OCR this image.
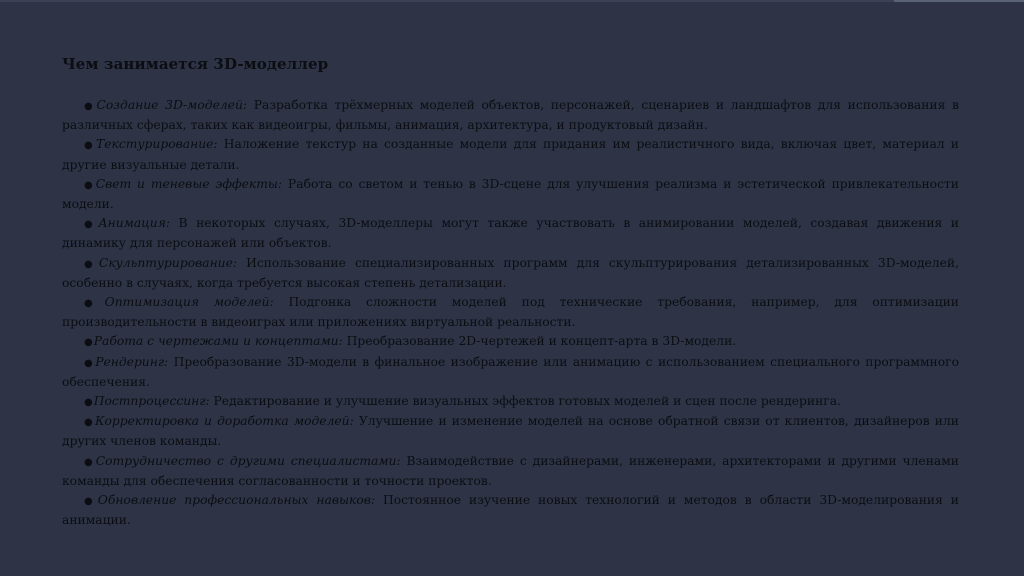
Чем занимается 3D-моделлер

●Создание 3D-моделей: Разработка трёхмерных моделей объектов, персонажей, сценариев и ландшафтов для использования в различных сферах, таких как видеоигры, фильмы, анимация, архитектура, и продуктовый дизайн.

●Текстурирование: Наложение текстур на созданные модели для придания им реалистичного вида, включая цвет, материал и другие визуальные детали.

●Свет и теневые эффекты: Работа со светом и тенью в 3D-сцене для улучшения реализма и эстетической привлекательности модели.

●Анимация: В некоторых случаях, 3D-моделлеры могут также участвовать в анимировании моделей, создавая движения и динамику для персонажей или объектов.

●Скульптурирование: Использование специализированных программ для скульптурирования детализированных 3D-моделей, особенно в случаях, когда требуется высокая степень детализации.

●Оптимизация моделей: Подгонка сложности моделей под технические требования, например, для оптимизации производительности в видеоиграх или приложениях виртуальной реальности.

●Работа с чертежами и концептами: Преобразование 2D-чертежей и концепт-арта в 3D-модели.

●Рендеринг: Преобразование 3D-модели в финальное изображение или анимацию с использованием специального программного обеспечения.

●Постпроцессинг: Редактирование и улучшение визуальных эффектов готовых моделей и сцен после рендеринга.

●Корректировка и доработка моделей: Улучшение и изменение моделей на основе обратной связи от клиентов, дизайнеров или других членов команды.

●Сотрудничество с другими специалистами: Взаимодействие с дизайнерами, инженерами, архитекторами и другими членами команды для обеспечения согласованности и точности проектов.

●Обновление профессиональных навыков: Постоянное изучение новых технологий и методов в области 3D-моделирования и анимации.
